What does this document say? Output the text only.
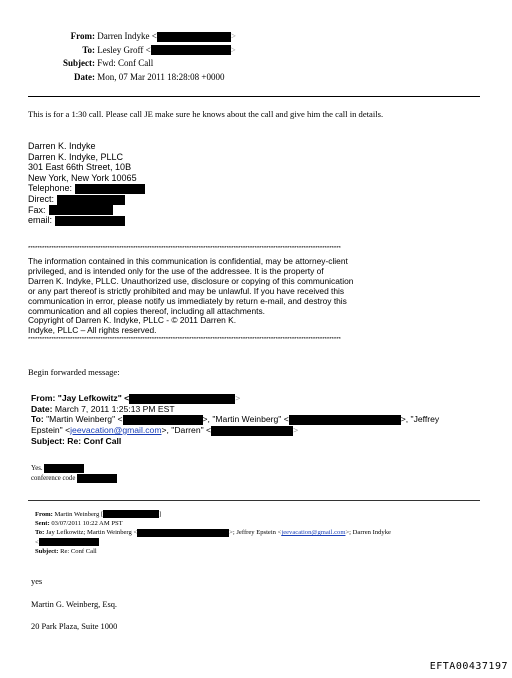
From: Darren Indyke <	>
To: Lesley Groff <	>
Subject: Fwd: Conf Call
Date: Mon, 07 Mar 2011 18:28:08 +0000
This is for a 1:30 call. Please call JE make sure he knows about the call and give him the call in details.
Darren K. Indyke
Darren K. Indyke, PLLC
301 East 66th Street, 10B
New York, New York 10065
Telephone:
Direct:
Fax:
email:
**************************************************************************************************************************************
The information contained in this communication is confidential, may be attorney-client
privileged, and is intended only for the use of the addressee. It is the property of
Darren K. Indyke, PLLC. Unauthorized use, disclosure or copying of this communication
or any part thereof is strictly prohibited and may be unlawful. If you have received this
communication in error, please notify us immediately by return e-mail, and destroy this
communication and all copies thereof, including all attachments.
Copyright of Darren K. Indyke, PLLC - © 2011 Darren K.
Indyke, PLLC – All rights reserved.
**************************************************************************************************************************************
Begin forwarded message:
From: "Jay Lefkowitz" <	>
Date: March 7, 2011 1:25:13 PM EST
To: "Martin Weinberg" <	>, "Martin Weinberg" <	>, "Jeffrey
Epstein" <jeevacation@gmail.com>, "Darren" <	>
Subject: Re: Conf Call
Yes.
conference code
From: Martin Weinberg [	]
Sent: 03/07/2011 10:22 AM PST
To: Jay Lefkowitz; Martin Weinberg <	>; Jeffrey Epstein <jeevacation@gmail.com>; Darren Indyke
<
Subject: Re: Conf Call
yes
Martin G. Weinberg, Esq.
20 Park Plaza, Suite 1000
EFTA00437197
